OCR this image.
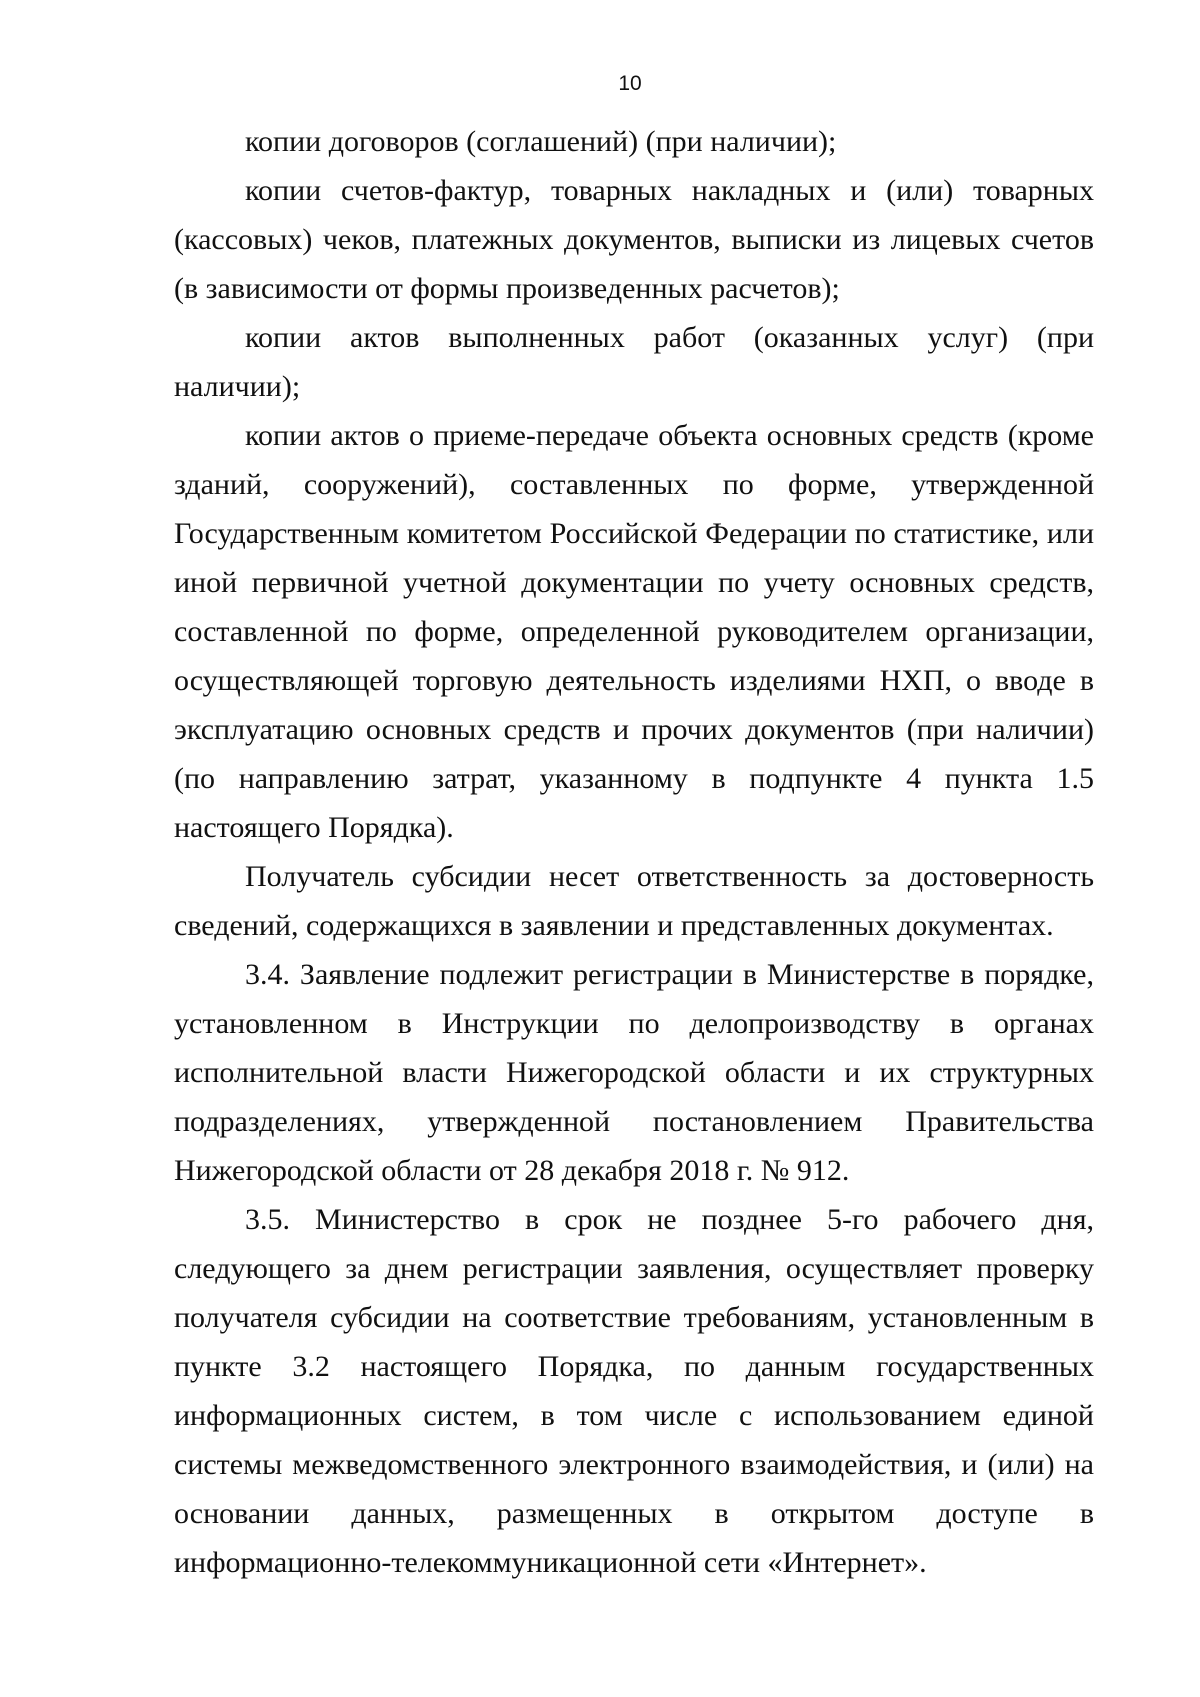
10

копии договоров (соглашений) (при наличии);

копии счетов-фактур, товарных накладных и (или) товарных (кассовых) чеков, платежных документов, выписки из лицевых счетов (в зависимости от формы произведенных расчетов);

копии актов выполненных работ (оказанных услуг) (при наличии);

копии актов о приеме-передаче объекта основных средств (кроме зданий, сооружений), составленных по форме, утвержденной Государственным комитетом Российской Федерации по статистике, или иной первичной учетной документации по учету основных средств, составленной по форме, определенной руководителем организации, осуществляющей торговую деятельность изделиями НХП, о вводе в эксплуатацию основных средств и прочих документов (при наличии) (по направлению затрат, указанному в подпункте 4 пункта 1.5 настоящего Порядка).

Получатель субсидии несет ответственность за достоверность сведений, содержащихся в заявлении и представленных документах.

3.4. Заявление подлежит регистрации в Министерстве в порядке, установленном в Инструкции по делопроизводству в органах исполнительной власти Нижегородской области и их структурных подразделениях, утвержденной постановлением Правительства Нижегородской области от 28 декабря 2018 г. № 912.

3.5. Министерство в срок не позднее 5-го рабочего дня, следующего за днем регистрации заявления, осуществляет проверку получателя субсидии на соответствие требованиям, установленным в пункте 3.2 настоящего Порядка, по данным государственных информационных систем, в том числе с использованием единой системы межведомственного электронного взаимодействия, и (или) на основании данных, размещенных в открытом доступе в информационно-телекоммуникационной сети «Интернет».
